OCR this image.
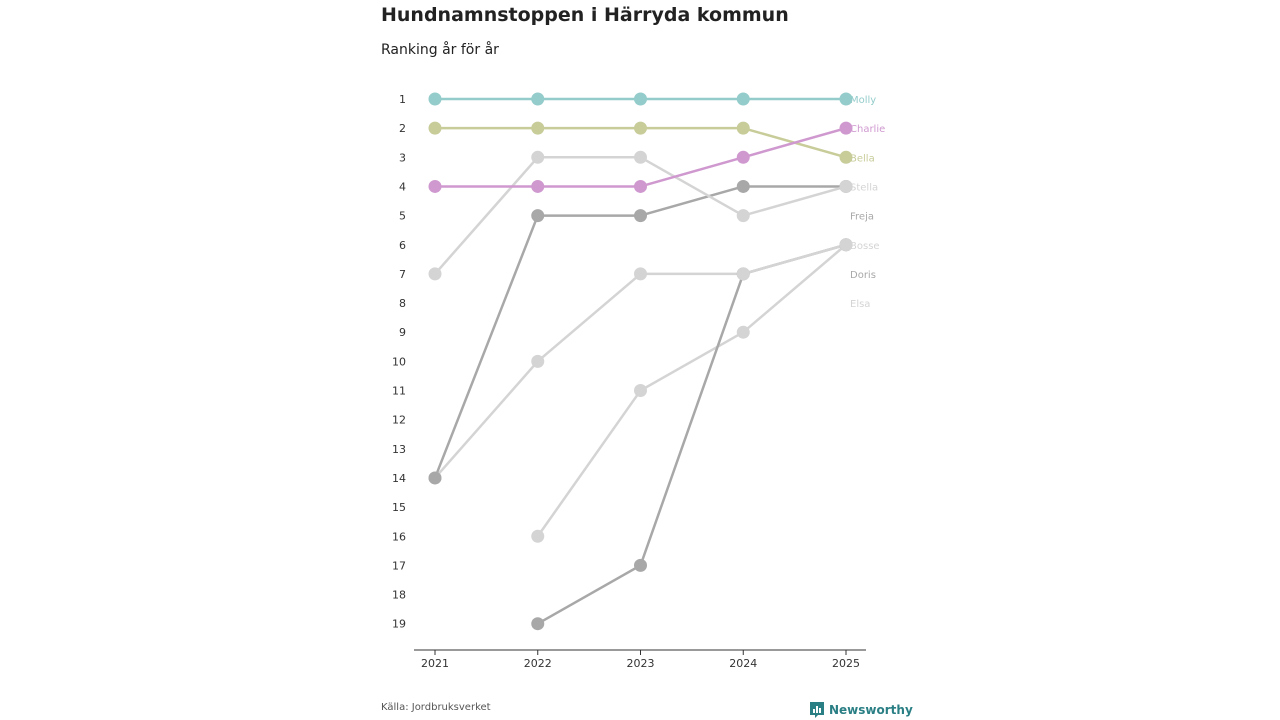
Hundnamnstoppen i Härryda kommun

Ranking år för år

1
2
3
4
5
6
7
8
9
10
11
12
13
14
15
16
17
18
19
2021	2022	2023	2024	2025
Molly
Charlie
Bella
Stella
Freja
Bosse
Doris
Elsa
Källa: Jordbruksverket	Newsworthy
